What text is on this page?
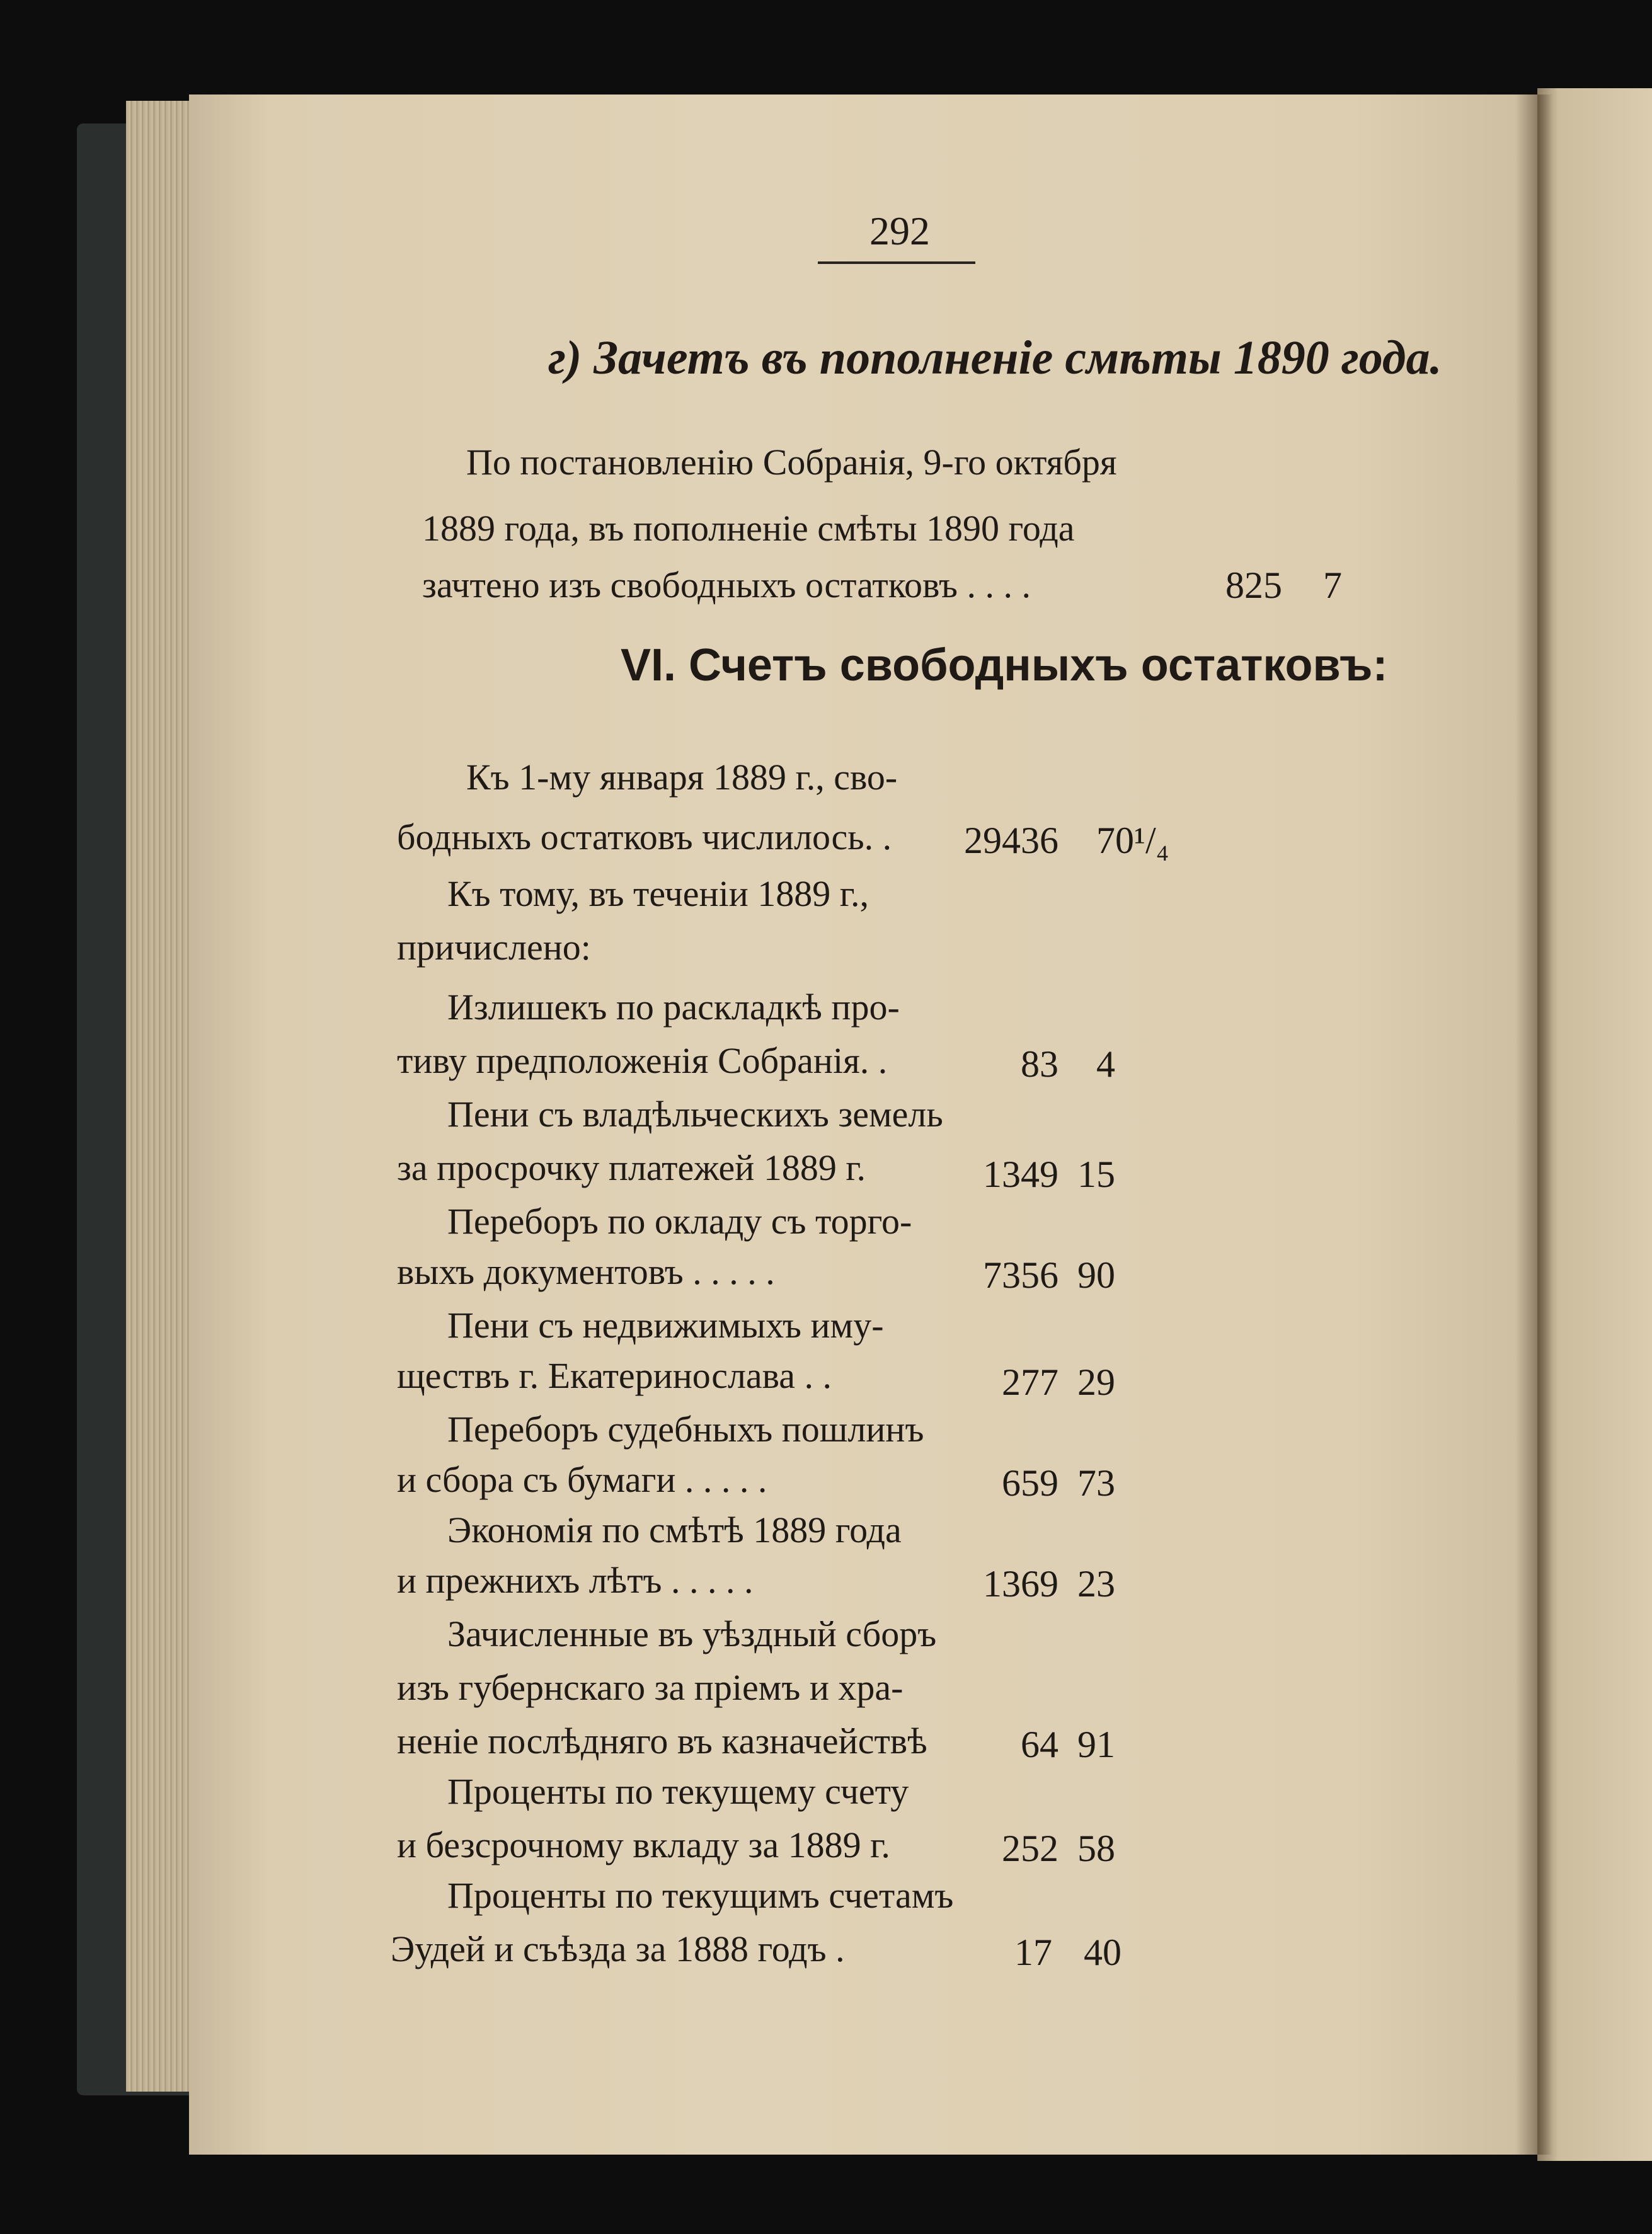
292
г) Зачетъ въ пополненіе смѣты 1890 года.
По постановленію Собранія, 9-го октября
1889 года, въ пополненіе смѣты 1890 года
зачтено изъ свободныхъ остатковъ . . . .	825 7
VI. Счетъ свободныхъ остатковъ:
Къ 1-му января 1889 г., сво-
бодныхъ остатковъ числилось. . 29436 70¹/₄
Къ тому, въ теченіи 1889 г.,
причислено:
Излишекъ по раскладкѣ про-
тиву предположенія Собранія. .	83 4
Пени съ владѣльческихъ земель
за просрочку платежей 1889 г.	1349 15
Переборъ по окладу съ торго-
выхъ документовъ . . . . .	7356 90
Пени съ недвижимыхъ иму-
ществъ г. Екатеринослава . .	277 29
Переборъ судебныхъ пошлинъ
и сбора съ бумаги . . . . .	659 73
Экономія по смѣтѣ 1889 года
и прежнихъ лѣтъ . . . . .	1369 23
Зачисленные въ уѣздный сборъ
изъ губернскаго за пріемъ и хра-
неніе послѣдняго въ казначействѣ 64 91
Проценты по текущему счету
и безсрочному вкладу за 1889 г.	252 58
Проценты по текущимъ счетамъ
Эудей и съѣзда за 1888 годъ .	17 40
